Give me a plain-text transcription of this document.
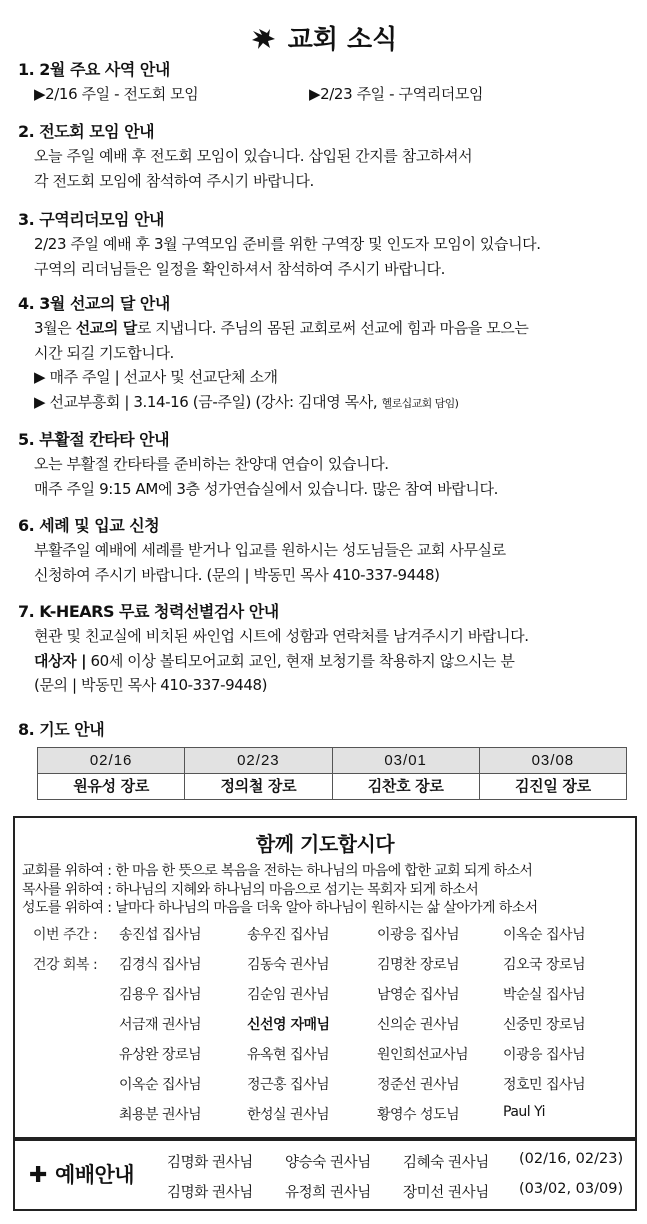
교회 소식
1. 2월 주요 사역 안내
▶2/16 주일 - 전도회 모임	▶2/23 주일 - 구역리더모임
2. 전도회 모임 안내
오늘 주일 예배 후 전도회 모임이 있습니다. 삽입된 간지를 참고하셔서
각 전도회 모임에 참석하여 주시기 바랍니다.
3. 구역리더모임 안내
2/23 주일 예배 후 3월 구역모임 준비를 위한 구역장 및 인도자 모임이 있습니다.
구역의 리더님들은 일정을 확인하셔서 참석하여 주시기 바랍니다.
4. 3월 선교의 달 안내
3월은 선교의 달로 지냅니다. 주님의 몸된 교회로써 선교에 힘과 마음을 모으는
시간 되길 기도합니다.
▶ 매주 주일 | 선교사 및 선교단체 소개
▶ 선교부흥회 | 3.14-16 (금-주일) (강사: 김대영 목사, 헬로십교회 담임)
5. 부활절 칸타타 안내
오는 부활절 칸타타를 준비하는 찬양대 연습이 있습니다.
매주 주일 9:15 AM에 3층 성가연습실에서 있습니다. 많은 참여 바랍니다.
6. 세례 및 입교 신청
부활주일 예배에 세례를 받거나 입교를 원하시는 성도님들은 교회 사무실로
신청하여 주시기 바랍니다. (문의 | 박동민 목사 410-337-9448)
7. K-HEARS 무료 청력선별검사 안내
현관 및 친교실에 비치된 싸인업 시트에 성함과 연락처를 남겨주시기 바랍니다.
대상자 | 60세 이상 볼티모어교회 교인, 현재 보청기를 착용하지 않으시는 분
(문의 | 박동민 목사 410-337-9448)
8. 기도 안내
02/16	02/23	03/01	03/08
원유성 장로	정의철 장로	김찬호 장로	김진일 장로
함께 기도합시다
교회를 위하여 : 한 마음 한 뜻으로 복음을 전하는 하나님의 마음에 합한 교회 되게 하소서
목사를 위하여 : 하나님의 지혜와 하나님의 마음으로 섬기는 목회자 되게 하소서
성도를 위하여 : 날마다 하나님의 마음을 더욱 알아 하나님이 원하시는 삶 살아가게 하소서
이번 주간 :	송진섭 집사님	송우진 집사님	이광응 집사님	이옥순 집사님
건강 회복 :	김경식 집사님	김동숙 권사님	김명찬 장로님	김오국 장로님
김용우 집사님	김순임 권사님	남영순 집사님	박순실 집사님
서금재 권사님	신선영 자매님	신의순 권사님	신중민 장로님
유상완 장로님	유옥현 집사님	원인희선교사님 이광응 집사님
이옥순 집사님	정근홍 집사님	정준선 권사님	정호민 집사님
최용분 권사님	한성실 권사님	황영수 성도님	Paul Yi
✚ 예배안내 김명화 권사님 양승숙 권사님 김혜숙 권사님 (02/16, 02/23)
김명화 권사님 유정희 권사님 장미선 권사님 (03/02, 03/09)
